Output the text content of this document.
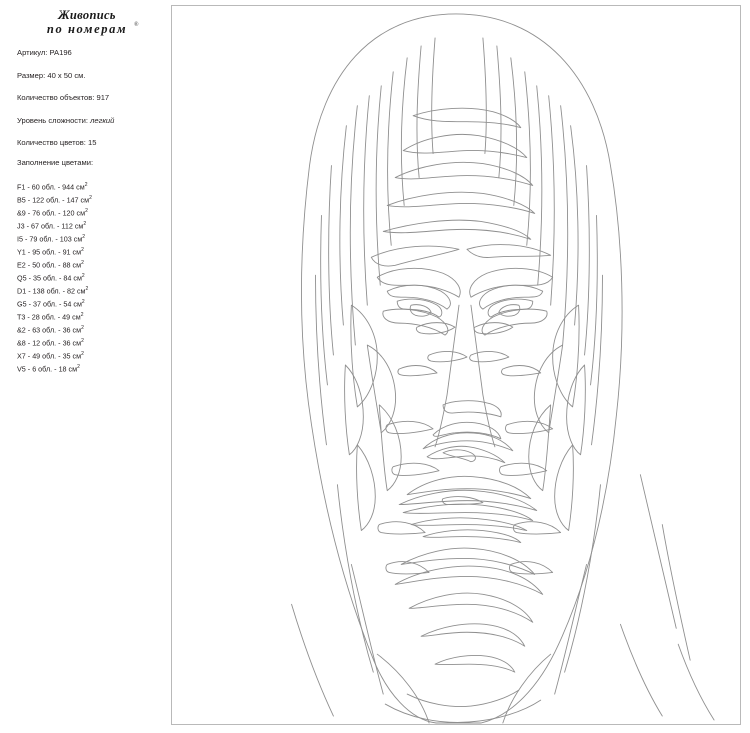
Живопись
по номерам	®
Артикул: PA196
Размер: 40 x 50 см.
Количество объектов: 917
Уровень сложности: легкий
Количество цветов: 15
Заполнение цветами:
F1 - 60 обл. - 944 $см^2$
B5 - 122 обл. - 147 $см^2$
&9 - 76 обл. - 120 $см^2$
J3 - 67 обл. - 112 $см^2$
I5 - 79 обл. - 103 $см^2$
Y1 - 95 обл. - 91 $см^2$
E2 - 50 обл. - 88 $см^2$
Q5 - 35 обл. - 84 $см^2$
D1 - 138 обл. - 82 $см^2$
G5 - 37 обл. - 54 $см^2$
T3 - 28 обл. - 49 $см^2$
&2 - 63 обл. - 36 $см^2$
&8 - 12 обл. - 36 $см^2$
X7 - 49 обл. - 35 $см^2$
V5 - 6 обл. - 18 $см^2$
